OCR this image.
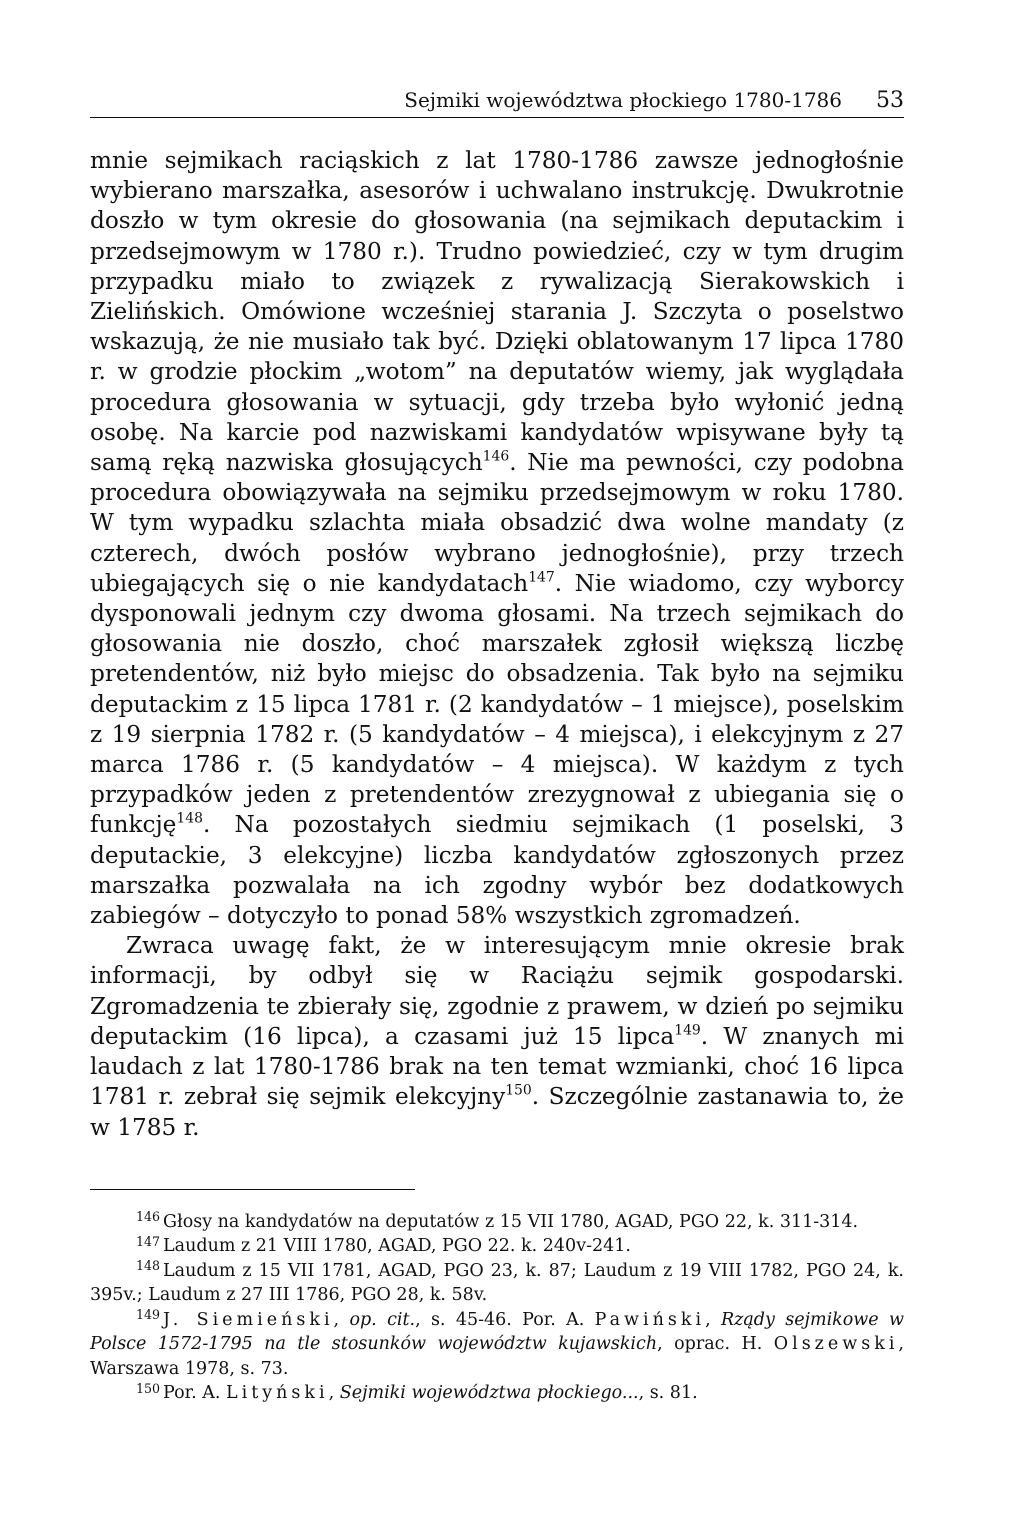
Sejmiki województwa płockiego 1780-1786 53

mnie sejmikach raciąskich z lat 1780-1786 zawsze jednogłośnie wybierano marszałka, asesorów i uchwalano instrukcję. Dwukrotnie doszło w tym okresie do głosowania (na sejmikach deputackim i przedsejmowym w 1780 r.). Trudno powiedzieć, czy w tym drugim przypadku miało to związek z rywalizacją Sierakowskich i Zielińskich. Omówione wcześniej starania J. Szczyta o poselstwo wskazują, że nie musiało tak być. Dzięki oblatowanym 17 lipca 1780 r. w grodzie płockim „wotom” na deputatów wiemy, jak wyglądała procedura głosowania w sytuacji, gdy trzeba było wyłonić jedną osobę. Na karcie pod nazwiskami kandydatów wpisywane były tą samą ręką nazwiska głosujących$^{146}$. Nie ma pewności, czy podobna procedura obowiązywała na sejmiku przedsejmowym w roku 1780. W tym wypadku szlachta miała obsadzić dwa wolne mandaty (z czterech, dwóch posłów wybrano jednogłośnie), przy trzech ubiegających się o nie kandydatach$^{147}$. Nie wiadomo, czy wyborcy dysponowali jednym czy dwoma głosami. Na trzech sejmikach do głosowania nie doszło, choć marszałek zgłosił większą liczbę pretendentów, niż było miejsc do obsadzenia. Tak było na sejmiku deputackim z 15 lipca 1781 r. (2 kandydatów – 1 miejsce), poselskim z 19 sierpnia 1782 r. (5 kandydatów – 4 miejsca), i elekcyjnym z 27 marca 1786 r. (5 kandydatów – 4 miejsca). W każdym z tych przypadków jeden z pretendentów zrezygnował z ubiegania się o funkcję$^{148}$. Na pozostałych siedmiu sejmikach (1 poselski, 3 deputackie, 3 elekcyjne) liczba kandydatów zgłoszonych przez marszałka pozwalała na ich zgodny wybór bez dodatkowych zabiegów – dotyczyło to ponad 58% wszystkich zgromadzeń.

Zwraca uwagę fakt, że w interesującym mnie okresie brak informacji, by odbył się w Raciążu sejmik gospodarski. Zgromadzenia te zbierały się, zgodnie z prawem, w dzień po sejmiku deputackim (16 lipca), a czasami już 15 lipca$^{149}$. W znanych mi laudach z lat 1780-1786 brak na ten temat wzmianki, choć 16 lipca 1781 r. zebrał się sejmik elekcyjny$^{150}$. Szczególnie zastanawia to, że w 1785 r.

$^{146}$ Głosy na kandydatów na deputatów z 15 VII 1780, AGAD, PGO 22, k. 311-314.

$^{147}$ Laudum z 21 VIII 1780, AGAD, PGO 22. k. 240v-241.

$^{148}$ Laudum z 15 VII 1781, AGAD, PGO 23, k. 87; Laudum z 19 VIII 1782, PGO 24, k. 395v.; Laudum z 27 III 1786, PGO 28, k. 58v.

$^{149}$ J. Siemieński, op. cit., s. 45-46. Por. A. Pawiński, Rządy sejmikowe w Polsce 1572-1795 na tle stosunków województw kujawskich, oprac. H. Olszewski, Warszawa 1978, s. 73.

$^{150}$ Por. A. Lityński, Sejmiki województwa płockiego..., s. 81.
